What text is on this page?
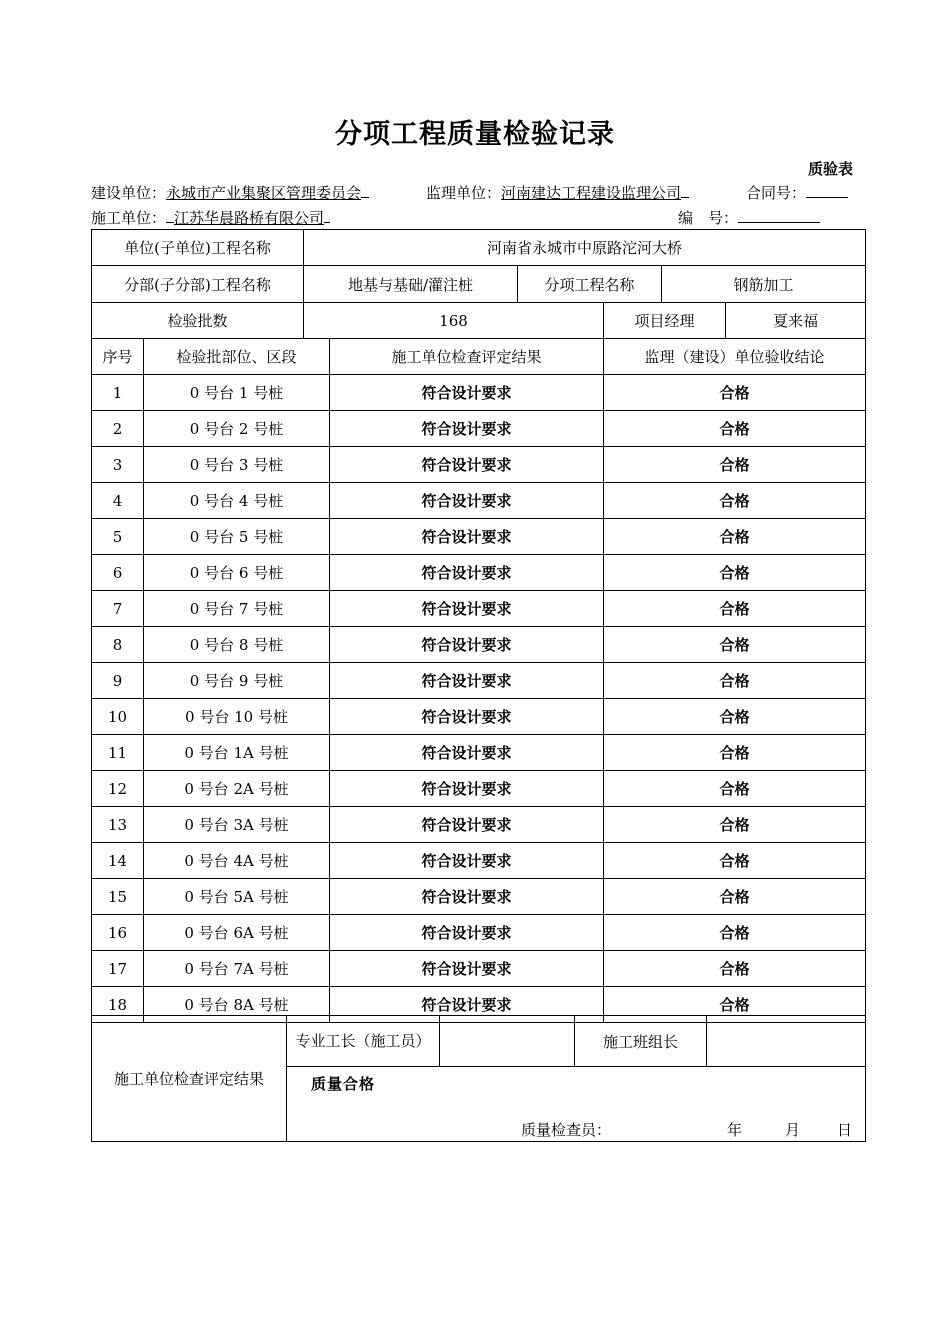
分项工程质量检验记录
质验表
建设单位：永城市产业集聚区管理委员会	监理单位：河南建达工程建设监理公司	合同号：
施工单位： 江苏华晨路桥有限公司	编　号：
单位(子单位)工程名称		河南省永城市中原路沱河大桥					
分部(子分部)工程名称		地基与基础/灌注桩		分项工程名称		钢筋加工	
检验批数		168			项目经理		夏来福
序号	检验批部位、区段		施工单位检查评定结果		监理（建设）单位验收结论		
1	0 号台 1 号桩		符合设计要求		合格		
2	0 号台 2 号桩		符合设计要求		合格		
3	0 号台 3 号桩		符合设计要求		合格		
4	0 号台 4 号桩		符合设计要求		合格		
5	0 号台 5 号桩		符合设计要求		合格		
6	0 号台 6 号桩		符合设计要求		合格		
7	0 号台 7 号桩		符合设计要求		合格		
8	0 号台 8 号桩		符合设计要求		合格		
9	0 号台 9 号桩		符合设计要求		合格		
10	0 号台 10 号桩		符合设计要求		合格		
11	0 号台 1A 号桩		符合设计要求		合格		
12	0 号台 2A 号桩		符合设计要求		合格		
13	0 号台 3A 号桩		符合设计要求		合格		
14	0 号台 4A 号桩		符合设计要求		合格		
15	0 号台 5A 号桩		符合设计要求		合格		
16	0 号台 6A 号桩		符合设计要求		合格		
17	0 号台 7A 号桩		符合设计要求		合格		
18	0 号台 8A 号桩		符合设计要求		合格		
施工单位检查评定结果	专业工长（施工员）		施工班组长	

质量合格
质量检查员：	年	月 日
